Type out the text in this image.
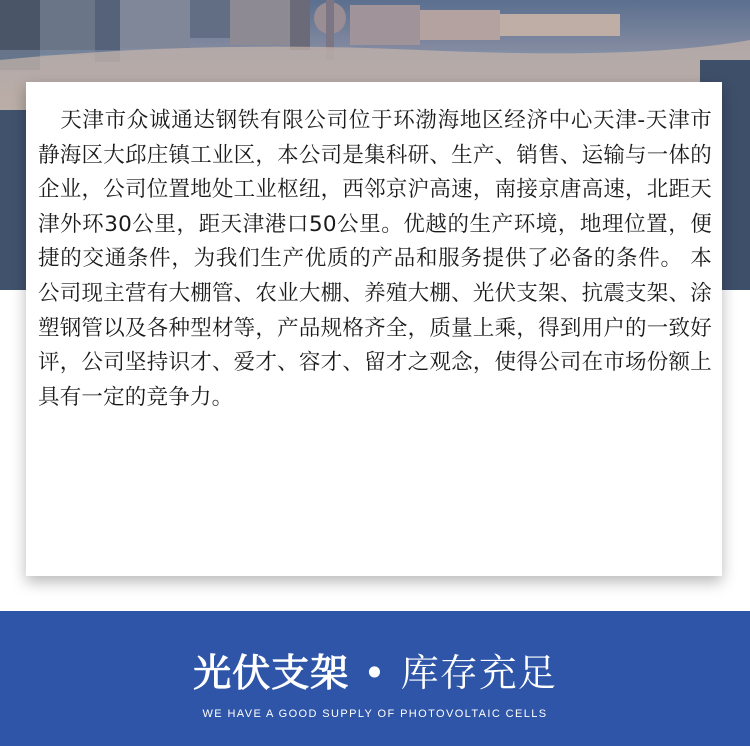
　天津市众诚通达钢铁有限公司位于环渤海地区经济中心天津-天津市静海区大邱庄镇工业区，本公司是集科研、生产、销售、运输与一体的企业，公司位置地处工业枢纽，西邻京沪高速，南接京唐高速，北距天津外环30公里，距天津港口50公里。优越的生产环境，地理位置，便捷的交通条件，为我们生产优质的产品和服务提供了必备的条件。 本公司现主营有大棚管、农业大棚、养殖大棚、光伏支架、抗震支架、涂塑钢管以及各种型材等，产品规格齐全，质量上乘，得到用户的一致好评，公司坚持识才、爱才、容才、留才之观念，使得公司在市场份额上具有一定的竞争力。

光伏支架 • 库存充足
WE HAVE A GOOD SUPPLY OF PHOTOVOLTAIC CELLS
